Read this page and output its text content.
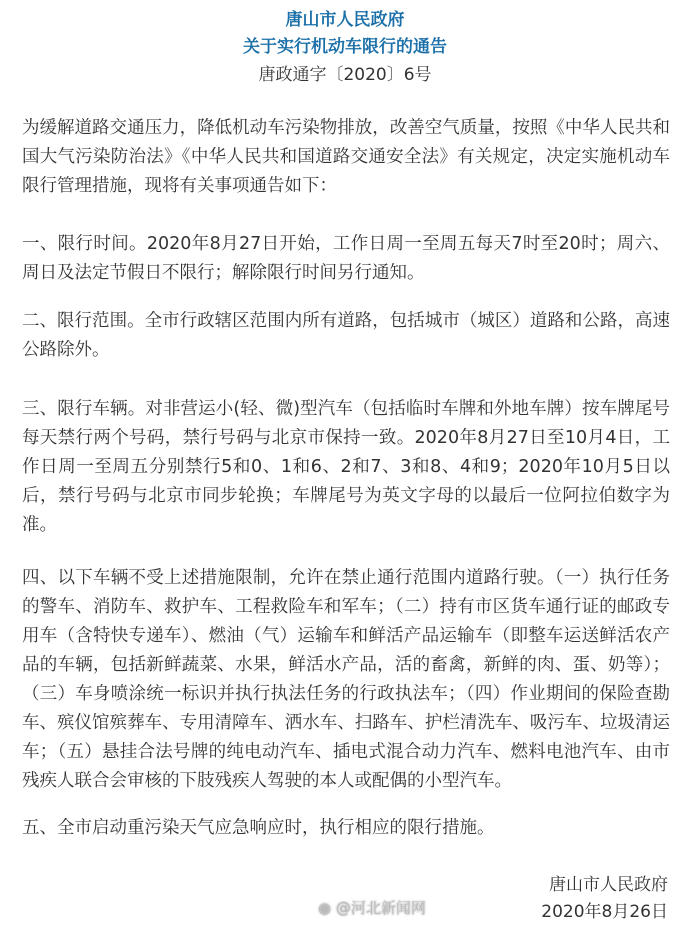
唐山市人民政府
关于实行机动车限行的通告
唐政通字〔2020〕6号

为缓解道路交通压力，降低机动车污染物排放，改善空气质量，按照《中华人民共和国大气污染防治法》《中华人民共和国道路交通安全法》有关规定，决定实施机动车限行管理措施，现将有关事项通告如下：

一、限行时间。2020年8月27日开始，工作日周一至周五每天7时至20时；周六、周日及法定节假日不限行；解除限行时间另行通知。

二、限行范围。全市行政辖区范围内所有道路，包括城市（城区）道路和公路，高速公路除外。

三、限行车辆。对非营运小(轻、微)型汽车（包括临时车牌和外地车牌）按车牌尾号每天禁行两个号码，禁行号码与北京市保持一致。2020年8月27日至10月4日，工作日周一至周五分别禁行5和0、1和6、2和7、3和8、4和9；2020年10月5日以后，禁行号码与北京市同步轮换；车牌尾号为英文字母的以最后一位阿拉伯数字为准。

四、以下车辆不受上述措施限制，允许在禁止通行范围内道路行驶。（一）执行任务的警车、消防车、救护车、工程救险车和军车；（二）持有市区货车通行证的邮政专用车（含特快专递车）、燃油（气）运输车和鲜活产品运输车（即整车运送鲜活农产品的车辆，包括新鲜蔬菜、水果，鲜活水产品，活的畜禽，新鲜的肉、蛋、奶等）；（三）车身喷涂统一标识并执行执法任务的行政执法车；（四）作业期间的保险查勘车、殡仪馆殡葬车、专用清障车、洒水车、扫路车、护栏清洗车、吸污车、垃圾清运车；（五）悬挂合法号牌的纯电动汽车、插电式混合动力汽车、燃料电池汽车、由市残疾人联合会审核的下肢残疾人驾驶的本人或配偶的小型汽车。

五、全市启动重污染天气应急响应时，执行相应的限行措施。

唐山市人民政府
2020年8月26日
◉ @河北新闻网
